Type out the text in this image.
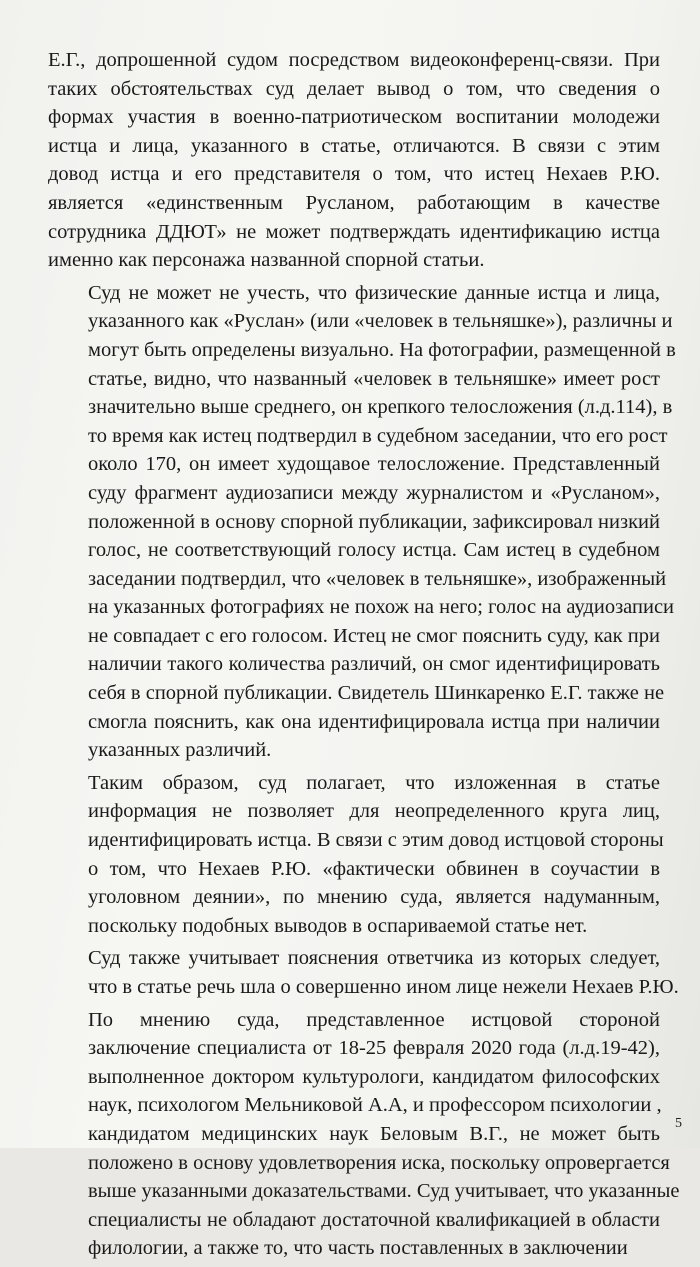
Е.Г., допрошенной судом посредством видеоконференц-связи. При
таких обстоятельствах суд делает вывод о том, что сведения о
формах участия в военно-патриотическом воспитании молодежи
истца и лица, указанного в статье, отличаются. В связи с этим
довод истца и его представителя о том, что истец Нехаев Р.Ю.
является «единственным Русланом, работающим в качестве
сотрудника ДДЮТ» не может подтверждать идентификацию истца
именно как персонажа названной спорной статьи.
Суд не может не учесть, что физические данные истца и лица,
указанного как «Руслан» (или «человек в тельняшке»), различны и
могут быть определены визуально. На фотографии, размещенной в
статье, видно, что названный «человек в тельняшке» имеет рост
значительно выше среднего, он крепкого телосложения (л.д.114), в
то время как истец подтвердил в судебном заседании, что его рост
около 170, он имеет худощавое телосложение. Представленный
суду фрагмент аудиозаписи между журналистом и «Русланом»,
положенной в основу спорной публикации, зафиксировал низкий
голос, не соответствующий голосу истца. Сам истец в судебном
заседании подтвердил, что «человек в тельняшке», изображенный
на указанных фотографиях не похож на него; голос на аудиозаписи
не совпадает с его голосом. Истец не смог пояснить суду, как при
наличии такого количества различий, он смог идентифицировать
себя в спорной публикации. Свидетель Шинкаренко Е.Г. также не
смогла пояснить, как она идентифицировала истца при наличии
указанных различий.
Таким образом, суд полагает, что изложенная в статье
информация не позволяет для неопределенного круга лиц,
идентифицировать истца. В связи с этим довод истцовой стороны
о том, что Нехаев Р.Ю. «фактически обвинен в соучастии в
уголовном деянии», по мнению суда, является надуманным,
поскольку подобных выводов в оспариваемой статье нет.
Суд также учитывает пояснения ответчика из которых следует,
что в статье речь шла о совершенно ином лице нежели Нехаев Р.Ю.
По мнению суда, представленное истцовой стороной
заключение специалиста от 18-25 февраля 2020 года (л.д.19-42),
выполненное доктором культурологи, кандидатом философских
наук, психологом Мельниковой А.А, и профессором психологии ,
кандидатом медицинских наук Беловым В.Г., не может быть
положено в основу удовлетворения иска, поскольку опровергается
выше указанными доказательствами. Суд учитывает, что указанные
специалисты не обладают достаточной квалификацией в области
филологии, а также то, что часть поставленных в заключении
5
